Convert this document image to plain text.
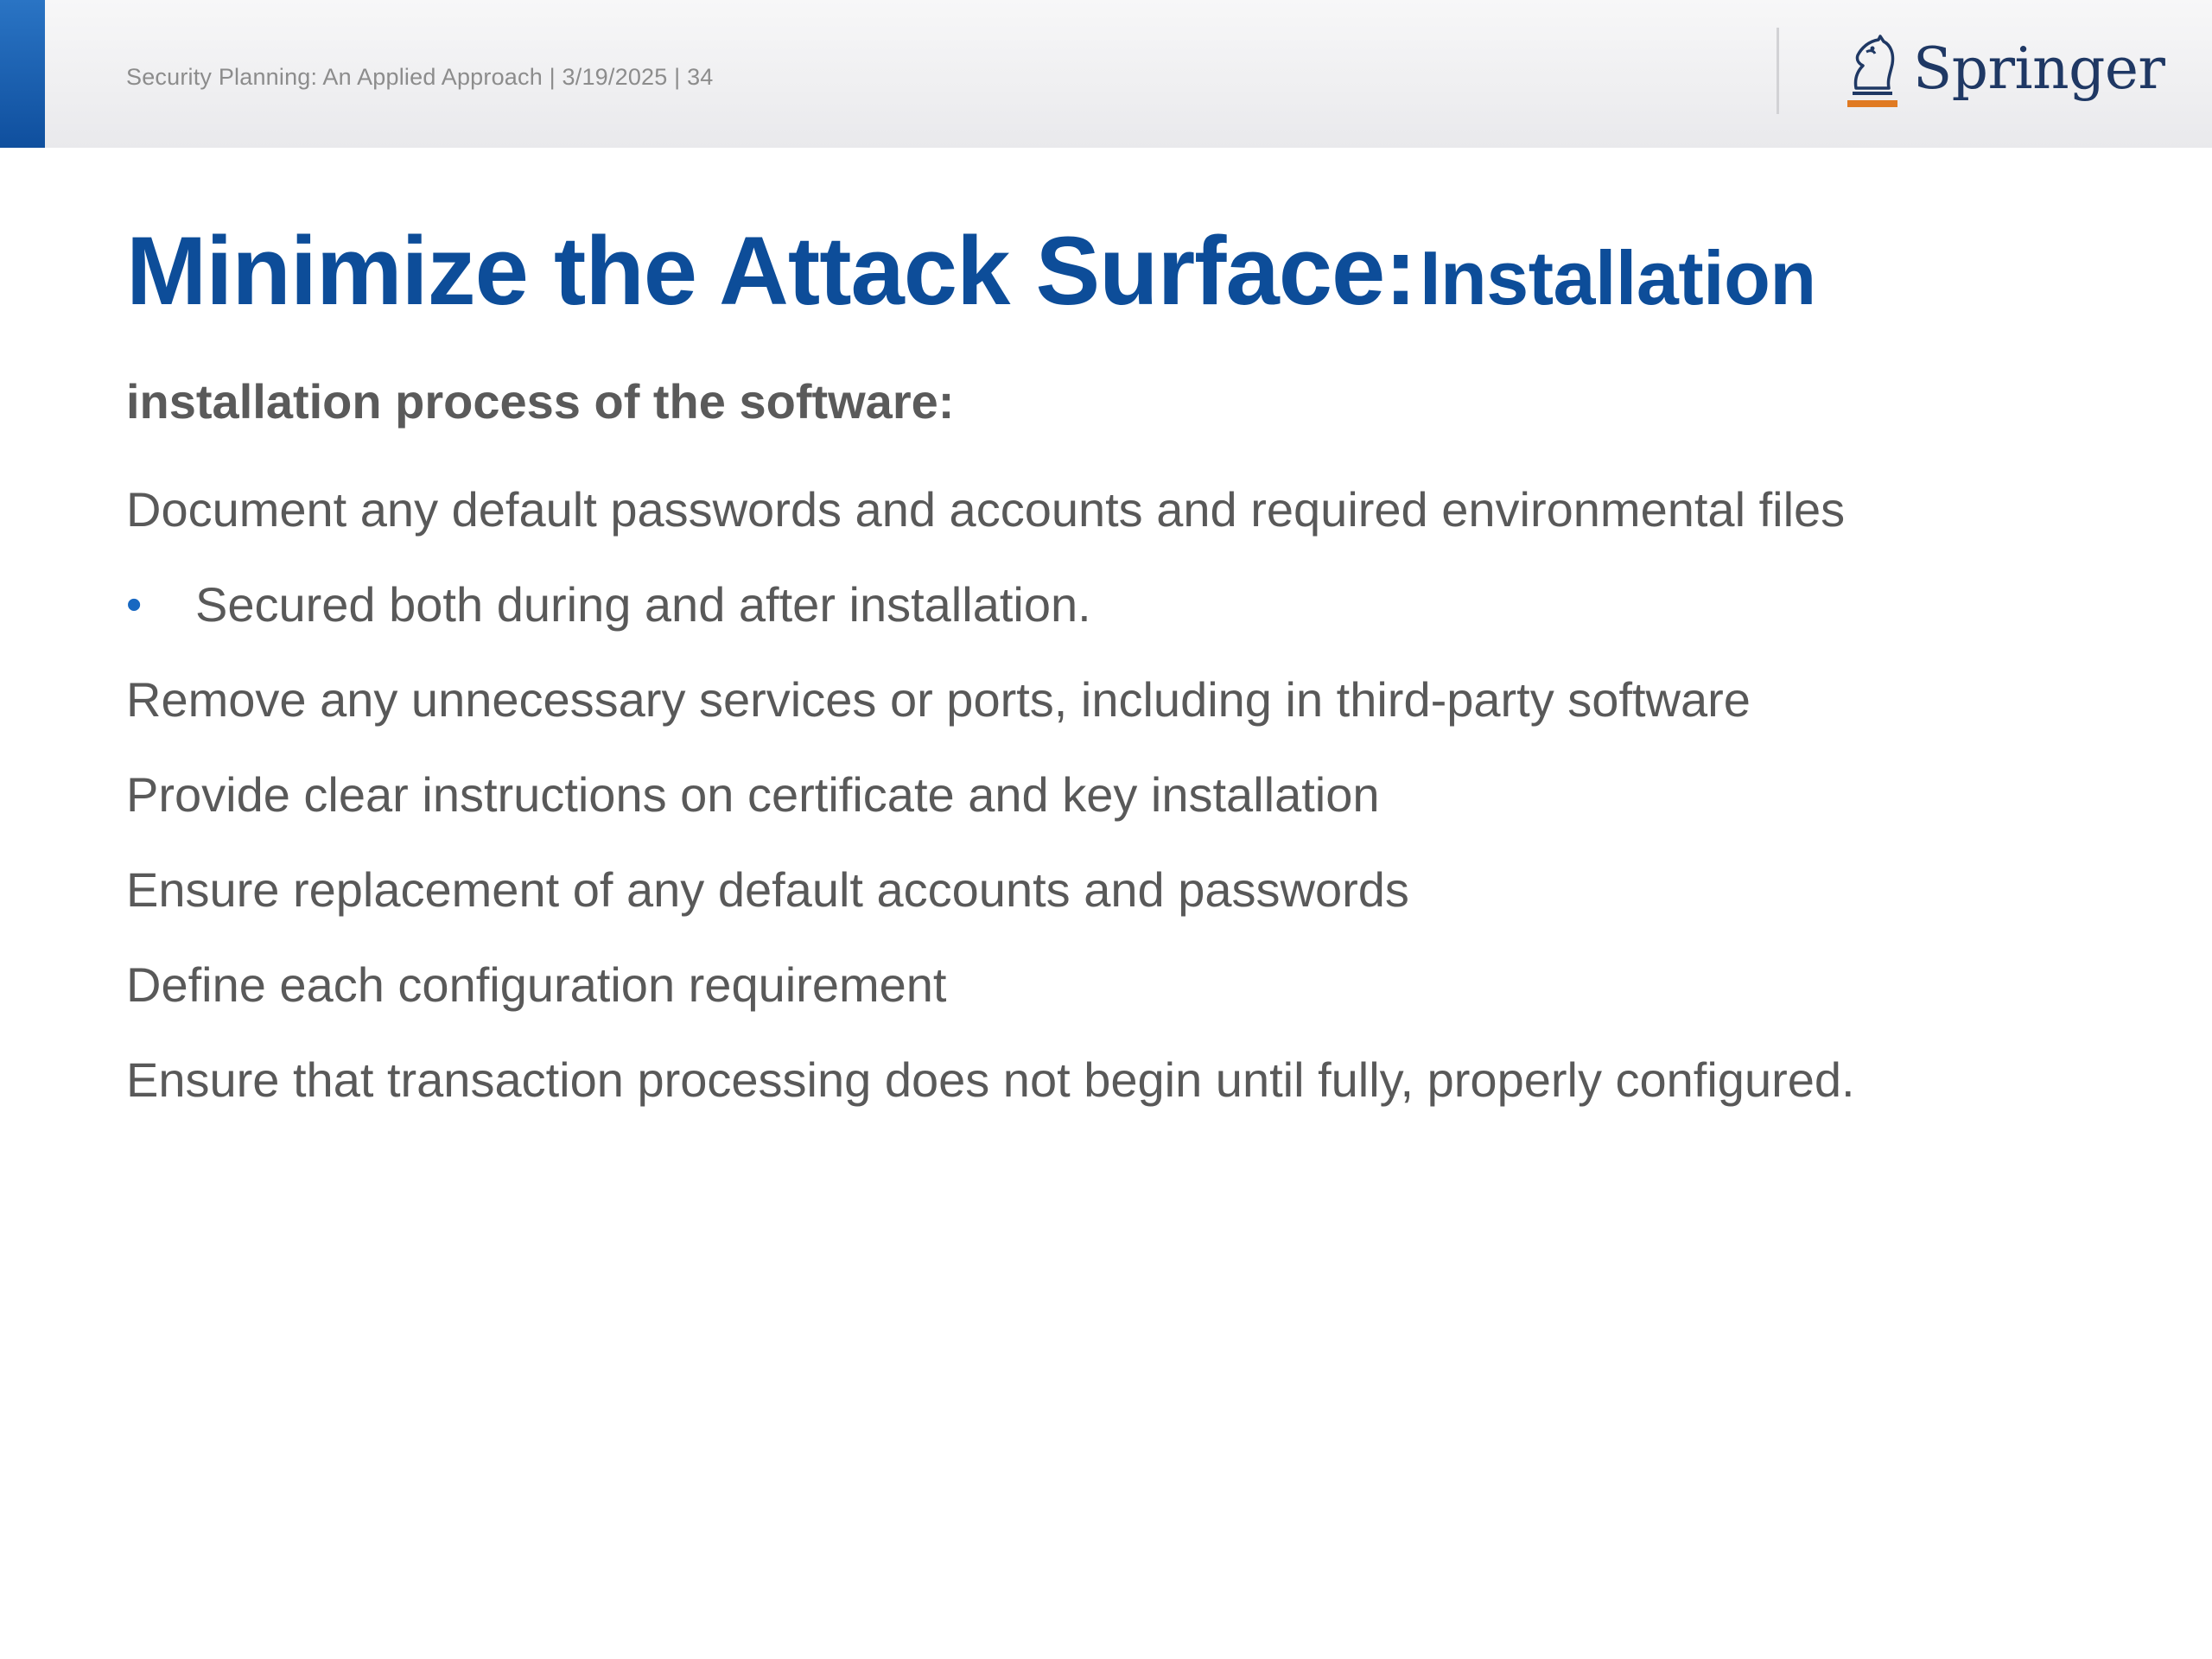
Security Planning: An Applied Approach | 3/19/2025 | 34	Springer
Minimize the Attack Surface: Installation
installation process of the software:
Document any default passwords and accounts and required environmental files
• Secured both during and after installation.
Remove any unnecessary services or ports, including in third-party software
Provide clear instructions on certificate and key installation
Ensure replacement of any default accounts and passwords
Define each configuration requirement
Ensure that transaction processing does not begin until fully, properly configured.
